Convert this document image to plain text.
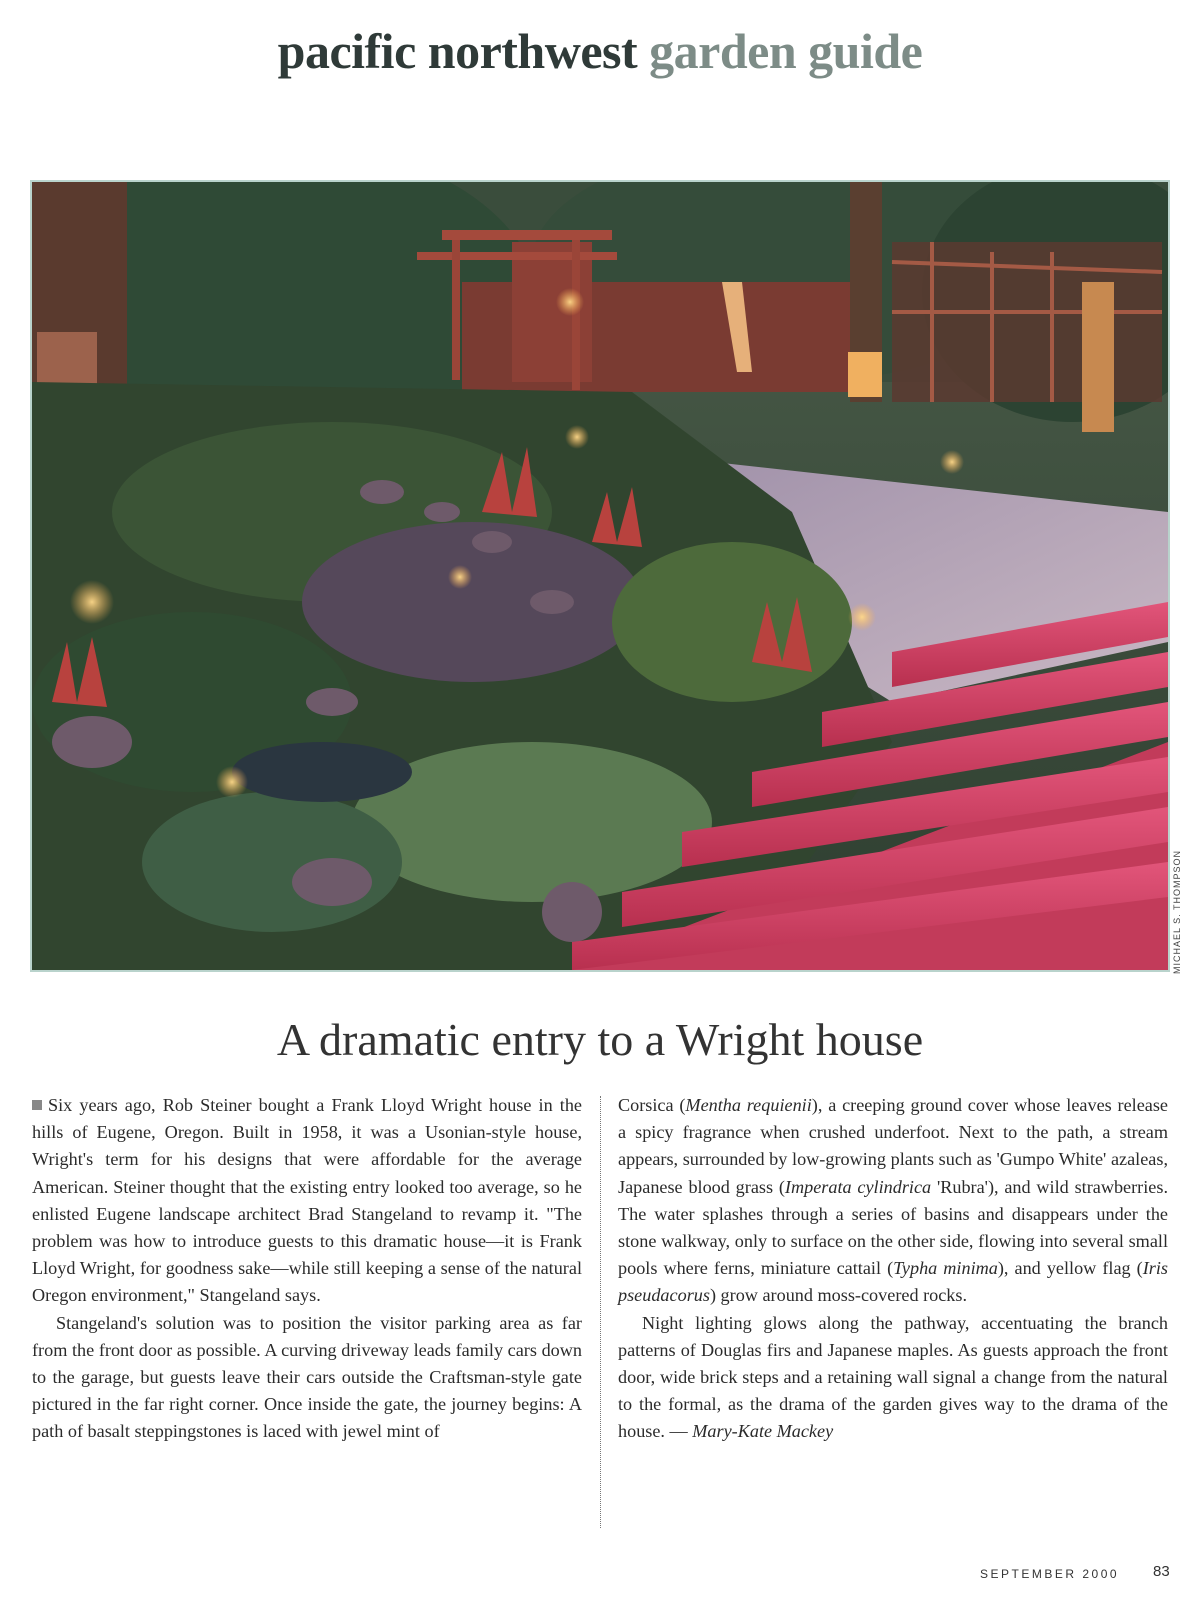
pacific northwest garden guide
MICHAEL S. THOMPSON
A dramatic entry to a Wright house

Six years ago, Rob Steiner bought a Frank Lloyd Wright house in the hills of Eugene, Oregon. Built in 1958, it was a Usonian-style house, Wright's term for his designs that were affordable for the average American. Steiner thought that the existing entry looked too average, so he enlisted Eugene landscape architect Brad Stangeland to revamp it. "The problem was how to introduce guests to this dramatic house—it is Frank Lloyd Wright, for goodness sake—while still keeping a sense of the natural Oregon environment," Stangeland says.

Stangeland's solution was to position the visitor parking area as far from the front door as possible. A curving driveway leads family cars down to the garage, but guests leave their cars outside the Craftsman-style gate pictured in the far right corner. Once inside the gate, the journey begins: A path of basalt steppingstones is laced with jewel mint of

Corsica (Mentha requienii), a creeping ground cover whose leaves release a spicy fragrance when crushed underfoot. Next to the path, a stream appears, surrounded by low-growing plants such as 'Gumpo White' azaleas, Japanese blood grass (Imperata cylindrica 'Rubra'), and wild strawberries. The water splashes through a series of basins and disappears under the stone walkway, only to surface on the other side, flowing into several small pools where ferns, miniature cattail (Typha minima), and yellow flag (Iris pseudacorus) grow around moss-covered rocks.

Night lighting glows along the pathway, accentuating the branch patterns of Douglas firs and Japanese maples. As guests approach the front door, wide brick steps and a retaining wall signal a change from the natural to the formal, as the drama of the garden gives way to the drama of the house. — Mary-Kate Mackey

SEPTEMBER 2000 83
